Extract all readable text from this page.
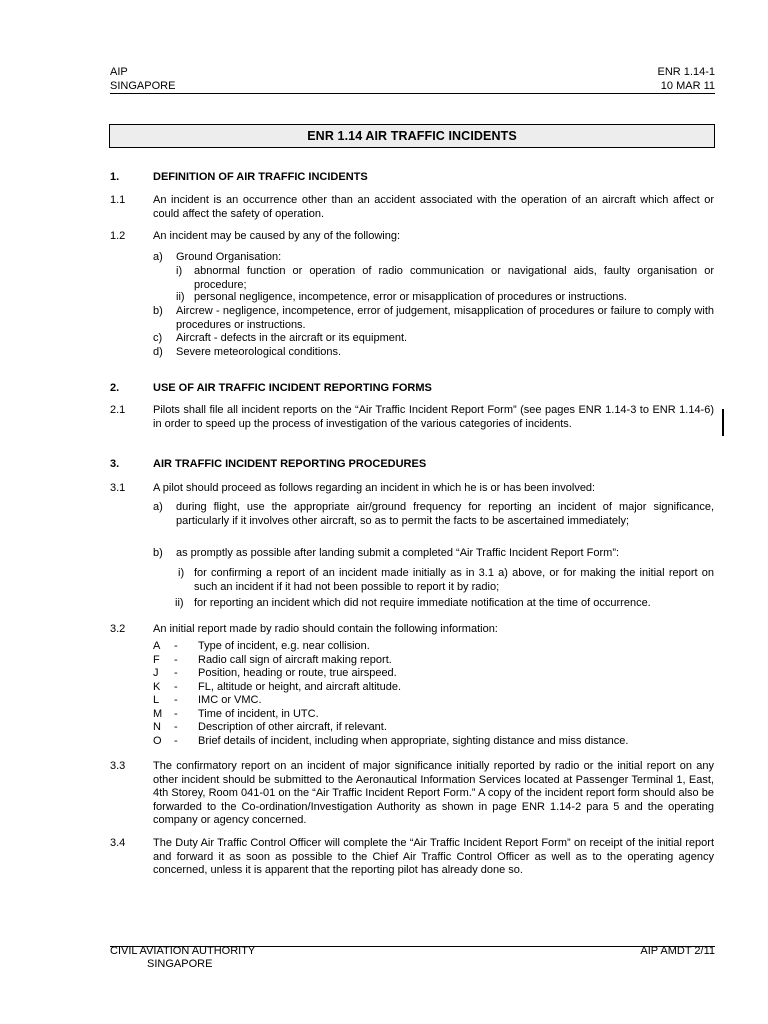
AIP
SINGAPORE
ENR 1.14-1
10 MAR 11
ENR 1.14 AIR TRAFFIC INCIDENTS
1.	DEFINITION OF AIR TRAFFIC INCIDENTS
1.1	An incident is an occurrence other than an accident associated with the operation of an aircraft which affect or could affect the safety of operation.
1.2	An incident may be caused by any of the following:
a) Ground Organisation:
i) abnormal function or operation of radio communication or navigational aids, faulty organisation or procedure;
ii) personal negligence, incompetence, error or misapplication of procedures or instructions.
b) Aircrew - negligence, incompetence, error of judgement, misapplication of procedures or failure to comply with procedures or instructions.
c) Aircraft - defects in the aircraft or its equipment.
d) Severe meteorological conditions.
2.	USE OF AIR TRAFFIC INCIDENT REPORTING FORMS
2.1	Pilots shall file all incident reports on the “Air Traffic Incident Report Form” (see pages ENR 1.14-3 to ENR 1.14-6) in order to speed up the process of investigation of the various categories of incidents.
3.	AIR TRAFFIC INCIDENT REPORTING PROCEDURES
3.1	A pilot should proceed as follows regarding an incident in which he is or has been involved:
a) during flight, use the appropriate air/ground frequency for reporting an incident of major significance, particularly if it involves other aircraft, so as to permit the facts to be ascertained immediately;
b) as promptly as possible after landing submit a completed “Air Traffic Incident Report Form”:
i) for confirming a report of an incident made initially as in 3.1 a) above, or for making the initial report on such an incident if it had not been possible to report it by radio;
ii) for reporting an incident which did not require immediate notification at the time of occurrence.
3.2	An initial report made by radio should contain the following information:
A	- Type of incident, e.g. near collision.
F	- Radio call sign of aircraft making report.
J	- Position, heading or route, true airspeed.
K	- FL, altitude or height, and aircraft altitude.
L	- IMC or VMC.
M	- Time of incident, in UTC.
N	- Description of other aircraft, if relevant.
O	- Brief details of incident, including when appropriate, sighting distance and miss distance.
3.3	The confirmatory report on an incident of major significance initially reported by radio or the initial report on any other incident should be submitted to the Aeronautical Information Services located at Passenger Terminal 1, East, 4th Storey, Room 041-01 on the “Air Traffic Incident Report Form.” A copy of the incident report form should also be forwarded to the Co-ordination/Investigation Authority as shown in page ENR 1.14-2 para 5 and the operating company or agency concerned.
3.4	The Duty Air Traffic Control Officer will complete the “Air Traffic Incident Report Form” on receipt of the initial report and forward it as soon as possible to the Chief Air Traffic Control Officer as well as to the operating agency concerned, unless it is apparent that the reporting pilot has already done so.
CIVIL AVIATION AUTHORITY
SINGAPORE
AIP AMDT 2/11
